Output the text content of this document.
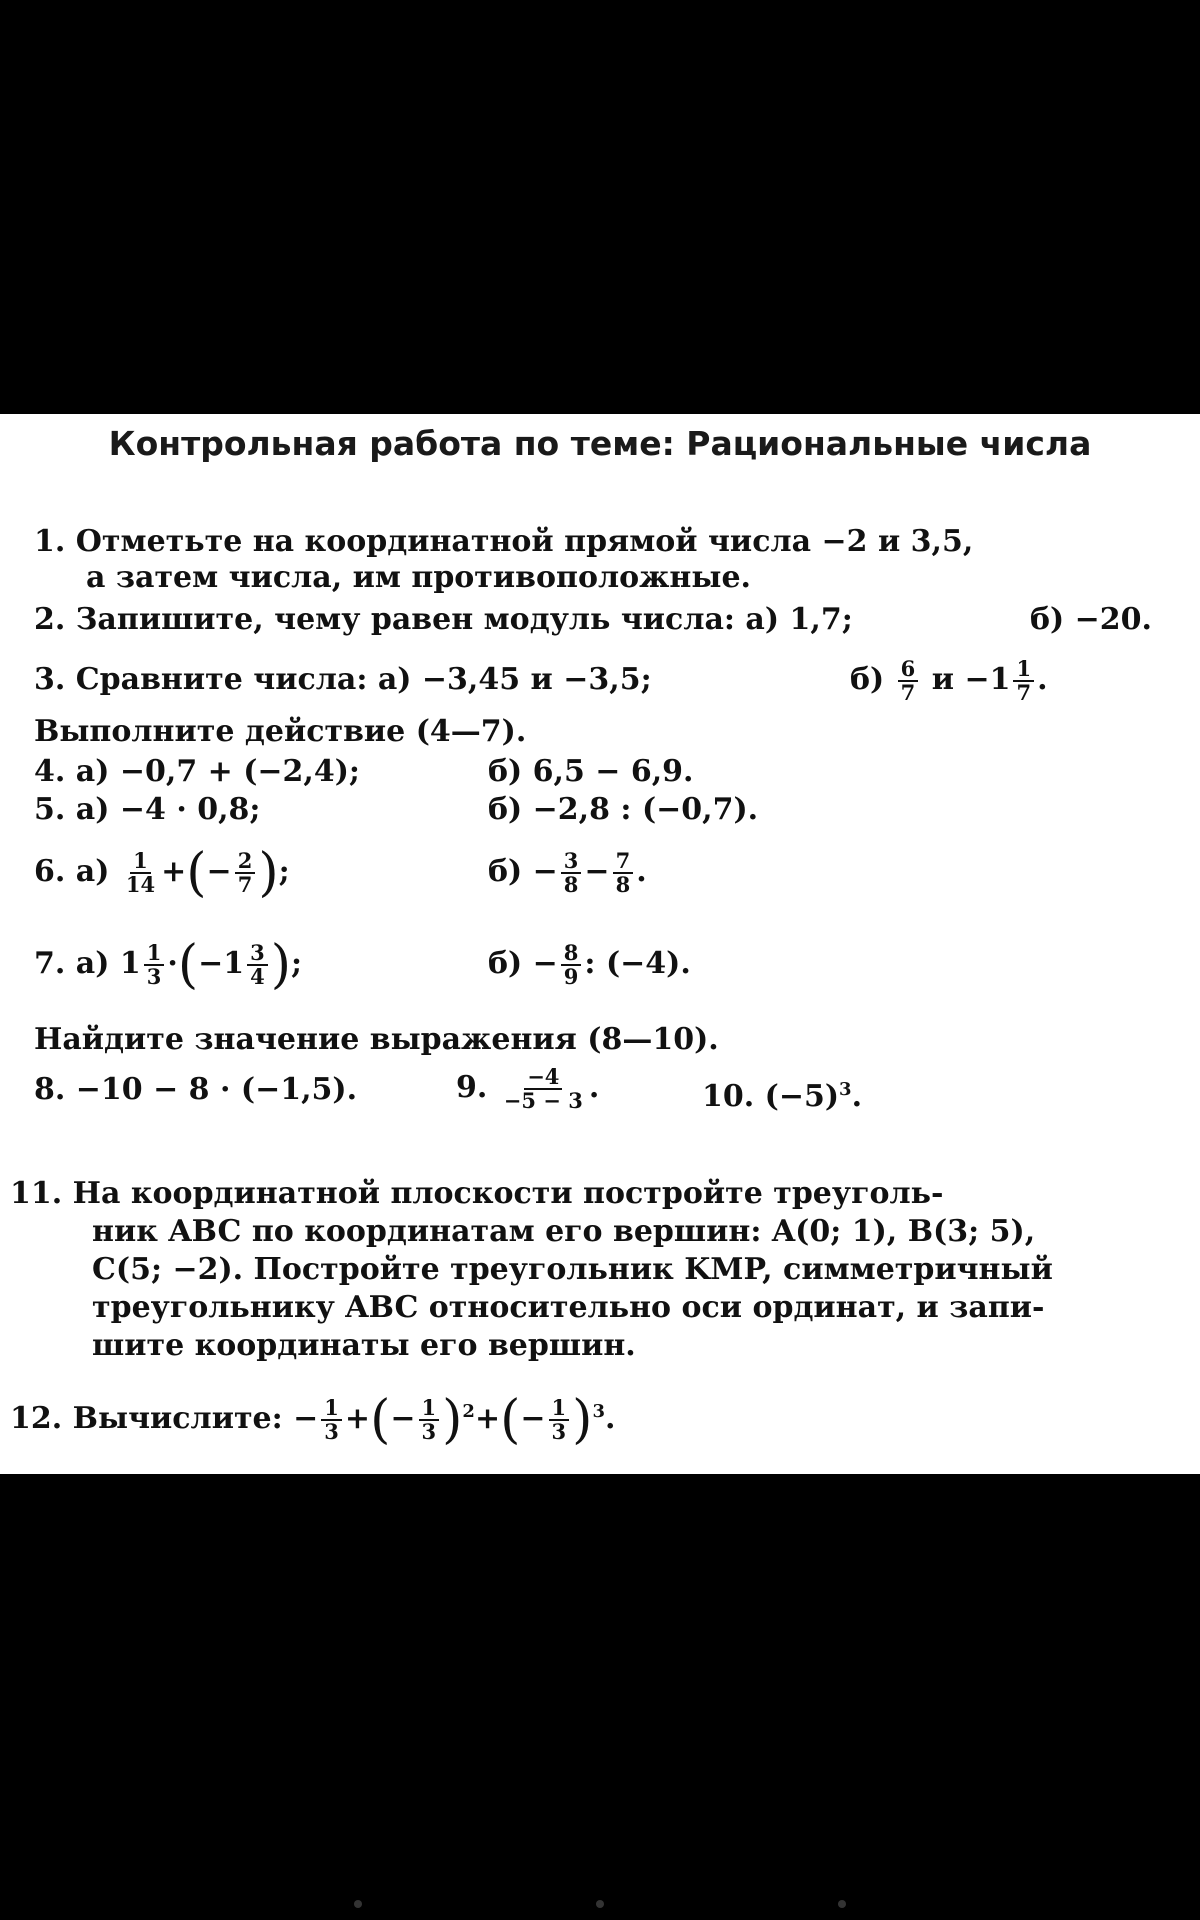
Контрольная работа по теме: Рациональные числа
1. Отметьте на координатной прямой числа −2 и 3,5,
а затем числа, им противоположные.
2. Запишите, чему равен модуль числа: а) 1,7;	б) −20.
3. Сравните числа: а) −3,45 и −3,5;	$б) \frac{6}{7}$ $и -1 \frac{1}{7}$ .
Выполните действие (4—7).
4. а) −0,7 + (−2,4);	б) 6,5 − 6,9.
5. а) −4 · 0,8;	б) −2,8 : (−0,7).
6. $а) \frac{1}{14}$ +(− $\frac{2}{7}$ );	$б) - \frac{3}{8} - \frac{7}{8}$ .
7. а) $1 \frac{1}{3} \cdot(-1 \frac{3}{4}$ );	$б) - \frac{8}{9}$ : (−4).
Найдите значение выражения (8—10).
8. −10 − 8 · (−1,5).	9. $\frac{-4}{-5 - 3}$ .	10. $(-5)^3$.
11. На координатной плоскости постройте треуголь-
ник ABC по координатам его вершин: A(0; 1), B(3; 5),
C(5; −2). Постройте треугольник KMP, симметричный
треугольнику ABC относительно оси ординат, и запи-
шите координаты его вершин.
12. Вычислите: − $\frac{1}{3}$ +(− $\frac{1}{3} )^2+(- \frac{1}{3} )^3$.
